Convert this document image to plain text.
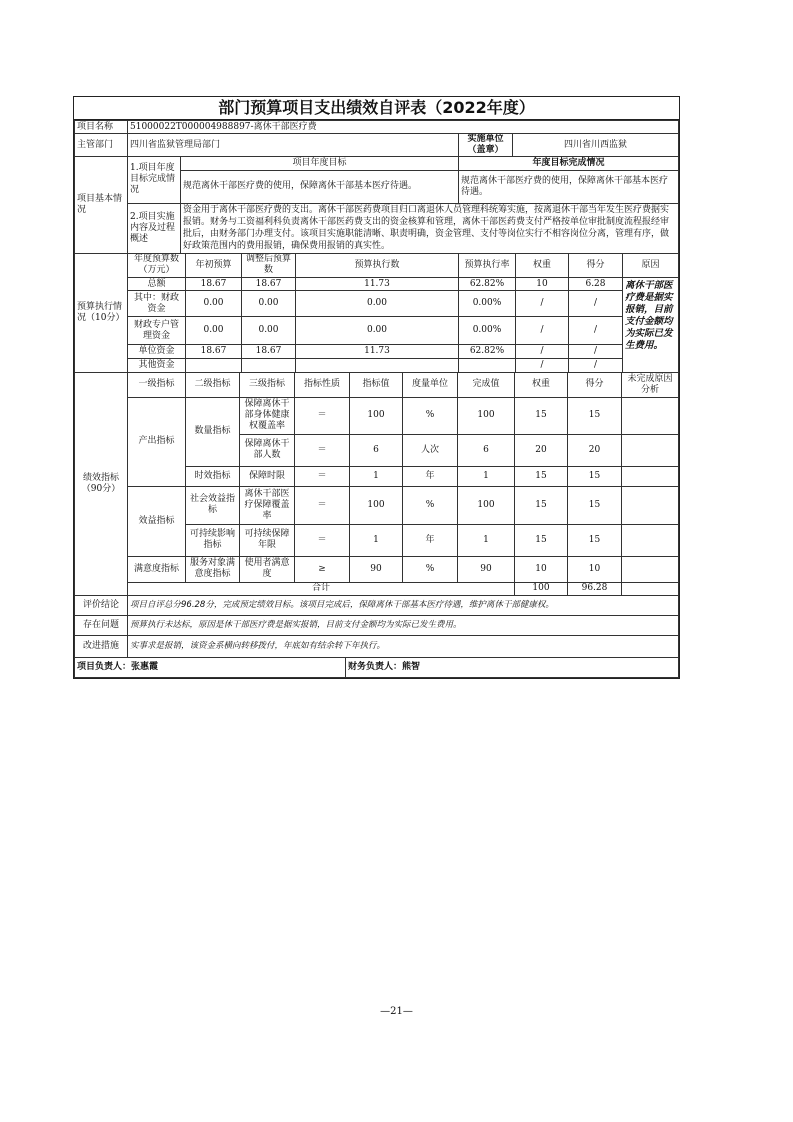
部门预算项目支出绩效自评表（2022年度）
项目名称	51000022T000004988897-离休干部医疗费		
主管部门	四川省监狱管理局部门	实施单位（盖章）	四川省川西监狱
项目基本情况	1.项目年度目标完成情况	项目年度目标	年度目标完成情况
		规范离休干部医疗费的使用，保障离休干部基本医疗待遇。	规范离休干部医疗费的使用，保障离休干部基本医疗待遇。
	2.项目实施内容及过程概述	资金用于离休干部医疗费的支出。离休干部医药费项目归口离退休人员管理科统筹实施，按离退休干部当年发生医疗费据实报销。财务与工资福利科负责离休干部医药费支出的资金核算和管理，离休干部医药费支付严格按单位审批制度流程报经审批后，由财务部门办理支付。该项目实施职能清晰、职责明确，资金管理、支付等岗位实行不相容岗位分离，管理有序，做好政策范围内的费用报销，确保费用报销的真实性。	
预算执行情况（10分）	年度预算数（万元）	年初预算	调整后预算数	预算执行数	预算执行率	权重	得分	原因
	总额	18.67	18.67	11.73	62.82%	10	6.28	离休干部医疗费是据实报销，目前支付金额均为实际已发生费用。
	其中：财政资金	0.00	0.00	0.00	0.00%	/	/	
	财政专户管理资金	0.00	0.00	0.00	0.00%	/	/	
	单位资金	18.67	18.67	11.73	62.82%	/	/	
	其他资金					/	/	
绩效指标（90分）	一级指标	二级指标	三级指标	指标性质	指标值	度量单位	完成值	权重	得分	未完成原因分析
	产出指标	数量指标	保障离休干部身体健康权覆盖率	＝	100	%	100	15	15	
			保障离休干部人数	＝	6	人次	6	20	20	
		时效指标	保障时限	＝	1	年	1	15	15	
	效益指标	社会效益指标	离休干部医疗保障覆盖率	＝	100	%	100	15	15	
		可持续影响指标	可持续保障年限	＝	1	年	1	15	15	
	满意度指标	服务对象满意度指标	使用者满意度	≥	90	%	90	10	10	
	合计							100	96.28	
评价结论	项目自评总分96.28分，完成预定绩效目标。该项目完成后，保障离休干部基本医疗待遇，维护离休干部健康权。
存在问题	预算执行未达标，原因是休干部医疗费是据实报销，目前支付金额均为实际已发生费用。
改进措施	实事求是报销，该资金系横向转移拨付，年底如有结余转下年执行。
项目负责人：张惠霞	财务负责人：熊智
—21—
